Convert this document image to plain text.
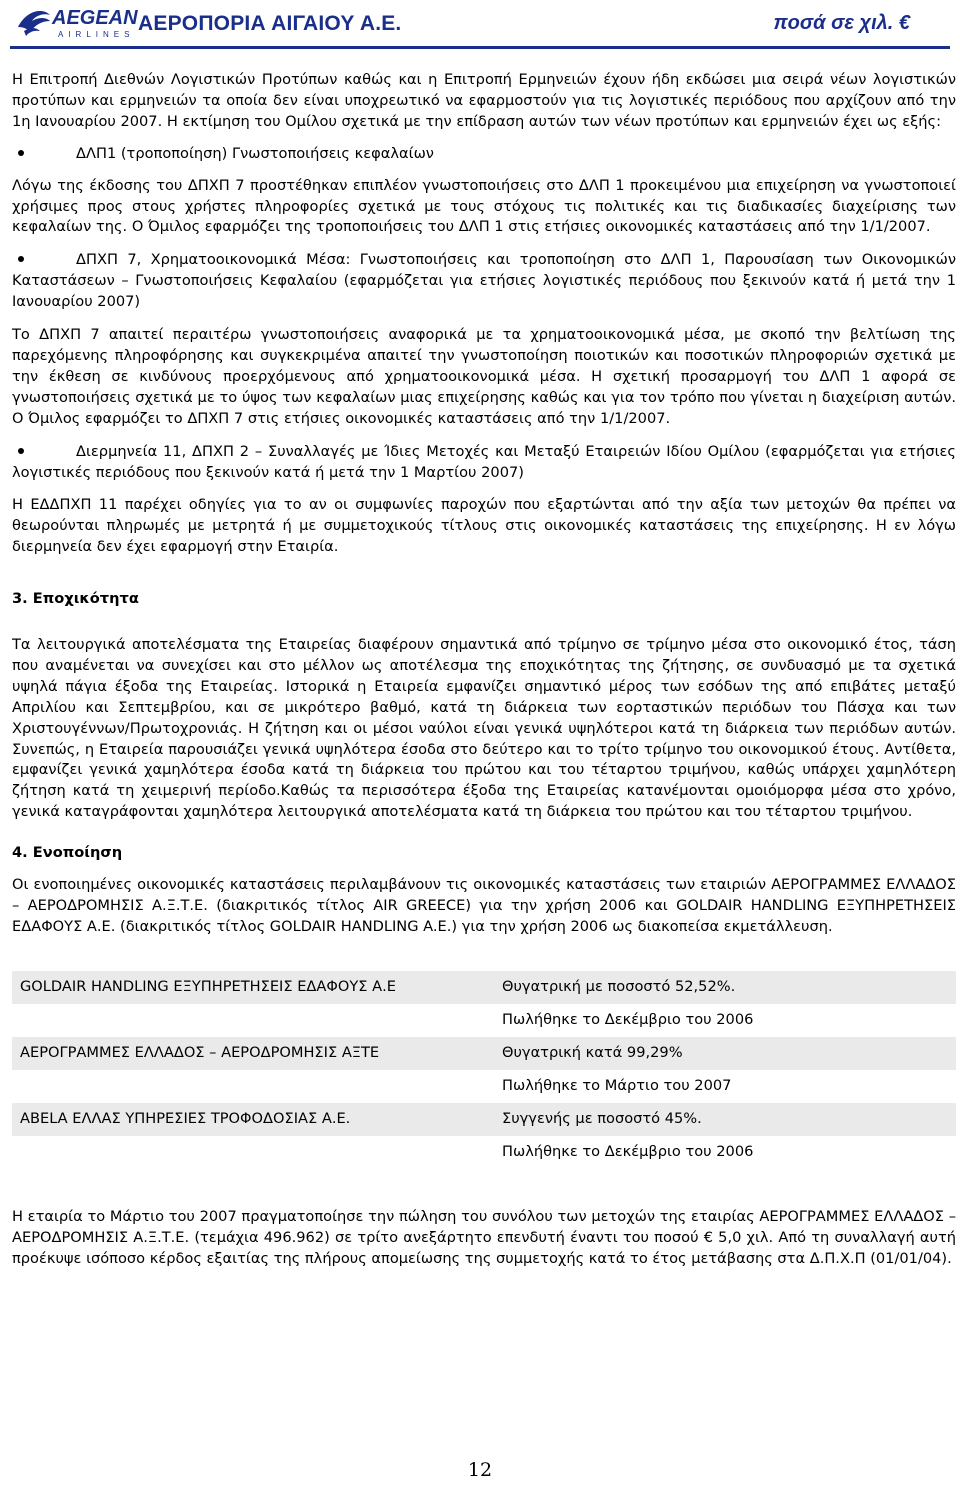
AEGEAN
AIRLINES ΑΕΡΟΠΟΡΙΑ ΑΙΓΑΙΟΥ Α.Ε.	ποσά σε χιλ. €

Η Επιτροπή Διεθνών Λογιστικών Προτύπων καθώς και η Επιτροπή Ερμηνειών έχουν ήδη εκδώσει μια σειρά νέων λογιστικών προτύπων και ερμηνειών τα οποία δεν είναι υποχρεωτικό να εφαρμοστούν για τις λογιστικές περιόδους που αρχίζουν από την 1η Ιανουαρίου 2007. Η εκτίμηση του Ομίλου σχετικά με την επίδραση αυτών των νέων προτύπων και ερμηνειών έχει ως εξής:

ΔΛΠ1 (τροποποίηση) Γνωστοποιήσεις κεφαλαίων

Λόγω της έκδοσης του ΔΠΧΠ 7 προστέθηκαν επιπλέον γνωστοποιήσεις στο ΔΛΠ 1 προκειμένου μια επιχείρηση να γνωστοποιεί χρήσιμες προς στους χρήστες πληροφορίες σχετικά με τους στόχους τις πολιτικές και τις διαδικασίες διαχείρισης των κεφαλαίων της. Ο Όμιλος εφαρμόζει της τροποποιήσεις του ΔΛΠ 1 στις ετήσιες οικονομικές καταστάσεις από την 1/1/2007.

ΔΠΧΠ 7, Χρηματοοικονομικά Μέσα: Γνωστοποιήσεις και τροποποίηση στο ΔΛΠ 1, Παρουσίαση των Οικονομικών Καταστάσεων – Γνωστοποιήσεις Κεφαλαίου (εφαρμόζεται για ετήσιες λογιστικές περιόδους που ξεκινούν κατά ή μετά την 1 Ιανουαρίου 2007)

Το ΔΠΧΠ 7 απαιτεί περαιτέρω γνωστοποιήσεις αναφορικά με τα χρηματοοικονομικά μέσα, με σκοπό την βελτίωση της παρεχόμενης πληροφόρησης και συγκεκριμένα απαιτεί την γνωστοποίηση ποιοτικών και ποσοτικών πληροφοριών σχετικά με την έκθεση σε κινδύνους προερχόμενους από χρηματοοικονομικά μέσα. Η σχετική προσαρμογή του ΔΛΠ 1 αφορά σε γνωστοποιήσεις σχετικά με το ύψος των κεφαλαίων μιας επιχείρησης καθώς και για τον τρόπο που γίνεται η διαχείριση αυτών. Ο Όμιλος εφαρμόζει το ΔΠΧΠ 7 στις ετήσιες οικονομικές καταστάσεις από την 1/1/2007.

Διερμηνεία 11, ΔΠΧΠ 2 – Συναλλαγές με Ίδιες Μετοχές και Μεταξύ Εταιρειών Ιδίου Ομίλου (εφαρμόζεται για ετήσιες λογιστικές περιόδους που ξεκινούν κατά ή μετά την 1 Μαρτίου 2007)

Η ΕΔΔΠΧΠ 11 παρέχει οδηγίες για το αν οι συμφωνίες παροχών που εξαρτώνται από την αξία των μετοχών θα πρέπει να θεωρούνται πληρωμές με μετρητά ή με συμμετοχικούς τίτλους στις οικονομικές καταστάσεις της επιχείρησης. Η εν λόγω διερμηνεία δεν έχει εφαρμογή στην Εταιρία.

3. Εποχικότητα

Τα λειτουργικά αποτελέσματα της Εταιρείας διαφέρουν σημαντικά από τρίμηνο σε τρίμηνο μέσα στο οικονομικό έτος, τάση που αναμένεται να συνεχίσει και στο μέλλον ως αποτέλεσμα της εποχικότητας της ζήτησης, σε συνδυασμό με τα σχετικά υψηλά πάγια έξοδα της Εταιρείας. Ιστορικά η Εταιρεία εμφανίζει σημαντικό μέρος των εσόδων της από επιβάτες μεταξύ Απριλίου και Σεπτεμβρίου, και σε μικρότερο βαθμό, κατά τη διάρκεια των εορταστικών περιόδων του Πάσχα και των Χριστουγέννων/Πρωτοχρονιάς. Η ζήτηση και οι μέσοι ναύλοι είναι γενικά υψηλότεροι κατά τη διάρκεια των περιόδων αυτών. Συνεπώς, η Εταιρεία παρουσιάζει γενικά υψηλότερα έσοδα στο δεύτερο και το τρίτο τρίμηνο του οικονομικού έτους. Αντίθετα, εμφανίζει γενικά χαμηλότερα έσοδα κατά τη διάρκεια του πρώτου και του τέταρτου τριμήνου, καθώς υπάρχει χαμηλότερη ζήτηση κατά τη χειμερινή περίοδο.Καθώς τα περισσότερα έξοδα της Εταιρείας κατανέμονται ομοιόμορφα μέσα στο χρόνο, γενικά καταγράφονται χαμηλότερα λειτουργικά αποτελέσματα κατά τη διάρκεια του πρώτου και του τέταρτου τριμήνου.

4. Ενοποίηση

Οι ενοποιημένες οικονομικές καταστάσεις περιλαμβάνουν τις οικονομικές καταστάσεις των εταιριών ΑΕΡΟΓΡΑΜΜΕΣ ΕΛΛΑΔΟΣ – ΑΕΡΟΔΡΟΜΗΣΙΣ Α.Ξ.Τ.Ε. (διακριτικός τίτλος AIR GREECE) για την χρήση 2006 και GOLDAIR HANDLING ΕΞΥΠΗΡΕΤΗΣΕΙΣ ΕΔΑΦΟΥΣ Α.Ε. (διακριτικός τίτλος GOLDAIR HANDLING A.E.) για την χρήση 2006 ως διακοπείσα εκμετάλλευση.

GOLDAIR HANDLING ΕΞΥΠΗΡΕΤΗΣΕΙΣ ΕΔΑΦΟΥΣ Α.Ε	Θυγατρική με ποσοστό 52,52%.
	Πωλήθηκε το Δεκέμβριο του 2006
ΑΕΡΟΓΡΑΜΜΕΣ ΕΛΛΑΔΟΣ – ΑΕΡΟΔΡΟΜΗΣΙΣ ΑΞΤΕ	Θυγατρική κατά 99,29%
	Πωλήθηκε το Μάρτιο του 2007
ABELA ΕΛΛΑΣ ΥΠΗΡΕΣΙΕΣ ΤΡΟΦΟΔΟΣΙΑΣ Α.Ε.	Συγγενής με ποσοστό 45%.
	Πωλήθηκε το Δεκέμβριο του 2006

Η εταιρία το Μάρτιο του 2007 πραγματοποίησε την πώληση του συνόλου των μετοχών της εταιρίας ΑΕΡΟΓΡΑΜΜΕΣ ΕΛΛΑΔΟΣ – ΑΕΡΟΔΡΟΜΗΣΙΣ Α.Ξ.Τ.Ε. (τεμάχια 496.962) σε τρίτο ανεξάρτητο επενδυτή έναντι του ποσού € 5,0 χιλ. Από τη συναλλαγή αυτή προέκυψε ισόποσο κέρδος εξαιτίας της πλήρους απομείωσης της συμμετοχής κατά το έτος μετάβασης στα Δ.Π.Χ.Π (01/01/04).

12
